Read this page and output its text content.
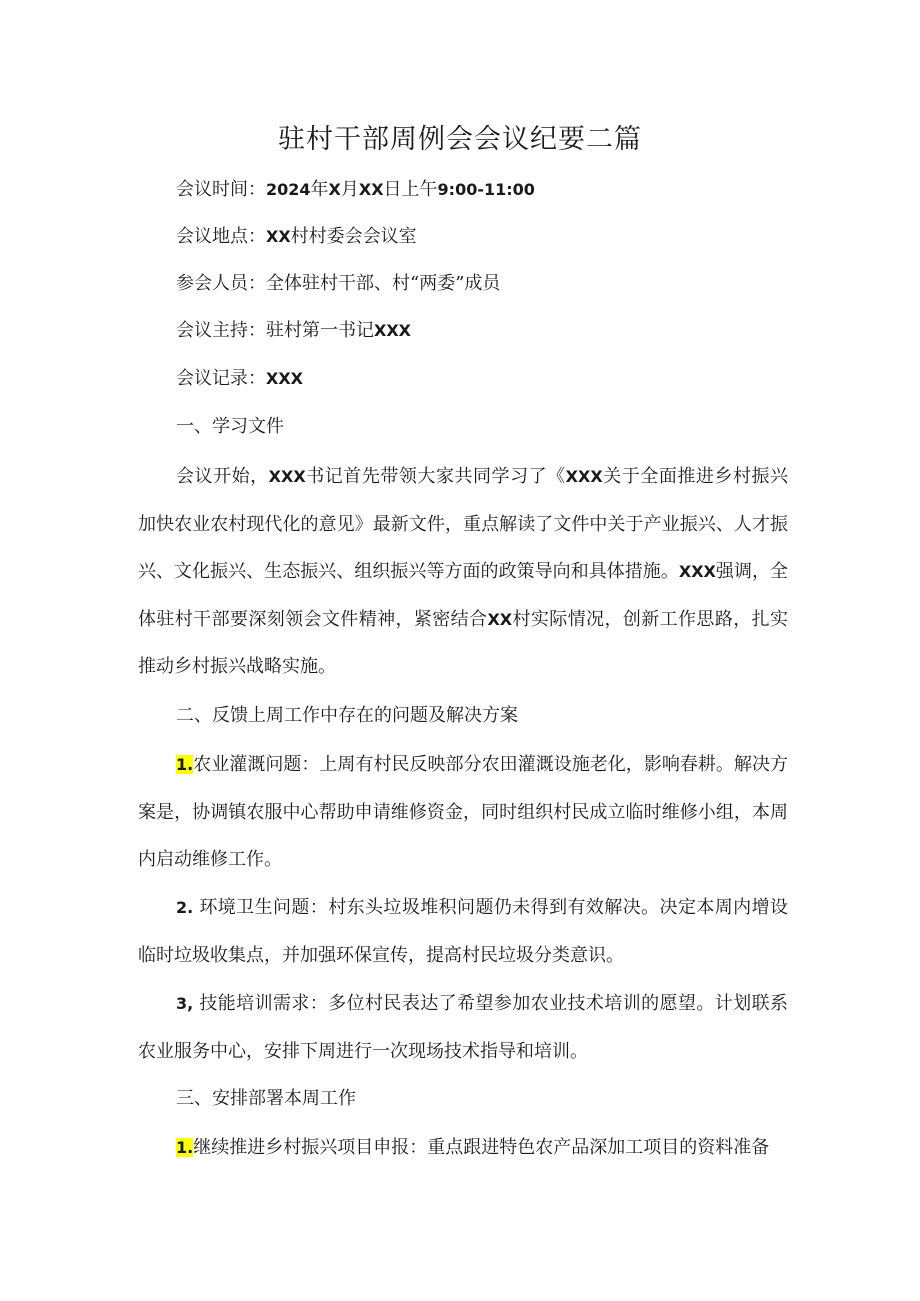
驻村干部周例会会议纪要二篇
会议时间：2024年X月XX日上午9:00-11:00
会议地点：XX村村委会会议室
参会人员：全体驻村干部、村“两委”成员
会议主持：驻村第一书记XXX
会议记录：XXX
一、学习文件
会议开始，XXX书记首先带领大家共同学习了《XXX关于全面推进乡村振兴加快农业农村现代化的意见》最新文件，重点解读了文件中关于产业振兴、人才振兴、文化振兴、生态振兴、组织振兴等方面的政策导向和具体措施。XXX强调，全体驻村干部要深刻领会文件精神，紧密结合XX村实际情况，创新工作思路，扎实推动乡村振兴战略实施。
二、反馈上周工作中存在的问题及解决方案
1.农业灌溉问题：上周有村民反映部分农田灌溉设施老化，影响春耕。解决方案是，协调镇农服中心帮助申请维修资金，同时组织村民成立临时维修小组，本周内启动维修工作。
2. 环境卫生问题：村东头垃圾堆积问题仍未得到有效解决。决定本周内增设临时垃圾收集点，并加强环保宣传，提高村民垃圾分类意识。
3, 技能培训需求：多位村民表达了希望参加农业技术培训的愿望。计划联系农业服务中心，安排下周进行一次现场技术指导和培训。
三、安排部署本周工作
1.继续推进乡村振兴项目申报：重点跟进特色农产品深加工项目的资料准备
